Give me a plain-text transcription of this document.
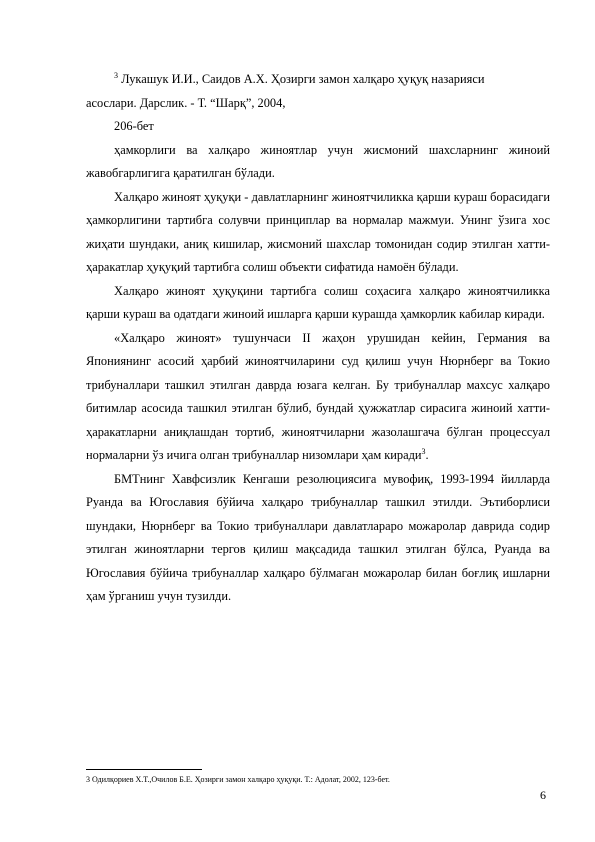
$^3$ Лукашук И.И., Саидов А.Х. Ҳозирги замон халқаро ҳуқуқ назарияси
асослари. Дарслик. - Т. “Шарқ”, 2004,
206-бет

ҳамкорлиги ва халқаро жиноятлар учун жисмоний шахсларнинг жиноий жавобгарлигига қаратилган бўлади.

Халқаро жиноят ҳуқуқи - давлатларнинг жиноятчиликка қарши кураш борасидаги ҳамкорлигини тартибга солувчи принциплар ва нормалар мажмуи. Унинг ўзига хос жиҳати шундаки, аниқ кишилар, жисмоний шахслар томонидан содир этилган хатти-ҳаракатлар ҳуқуқий тартибга солиш объекти сифатида намоён бўлади.

Халқаро жиноят ҳуқуқини тартибга солиш соҳасига халқаро жиноятчиликка қарши кураш ва одатдаги жиноий ишларга қарши курашда ҳамкорлик кабилар киради.

«Халқаро жиноят» тушунчаси II жаҳон урушидан кейин, Германия ва Япониянинг асосий ҳарбий жиноятчиларини суд қилиш учун Нюрнберг ва Токио трибуналлари ташкил этилган даврда юзага келган. Бу трибуналлар махсус халқаро битимлар асосида ташкил этилган бўлиб, бундай ҳужжатлар сирасига жиноий хатти-ҳаракатларни аниқлашдан тортиб, жиноятчиларни жазолашгача бўлган процессуал нормаларни ўз ичига олган трибуналлар низомлари ҳам киради$^3$.

БМТнинг Хавфсизлик Кенгаши резолюциясига мувофиқ, 1993-1994 йилларда Руанда ва Югославия бўйича халқаро трибуналлар ташкил этилди. Эътиборлиси шундаки, Нюрнберг ва Токио трибуналлари давлатлараро можаролар даврида содир этилган жиноятларни тергов қилиш мақсадида ташкил этилган бўлса, Руанда ва Югославия бўйича трибуналлар халқаро бўлмаган можаролар билан боғлиқ ишларни ҳам ўрганиш учун тузилди.

3 Одилқориев Х.Т.,Очилов Б.Е. Ҳозирги замон халқаро ҳуқуқи. Т.: Адолат, 2002, 123-бет.
6
